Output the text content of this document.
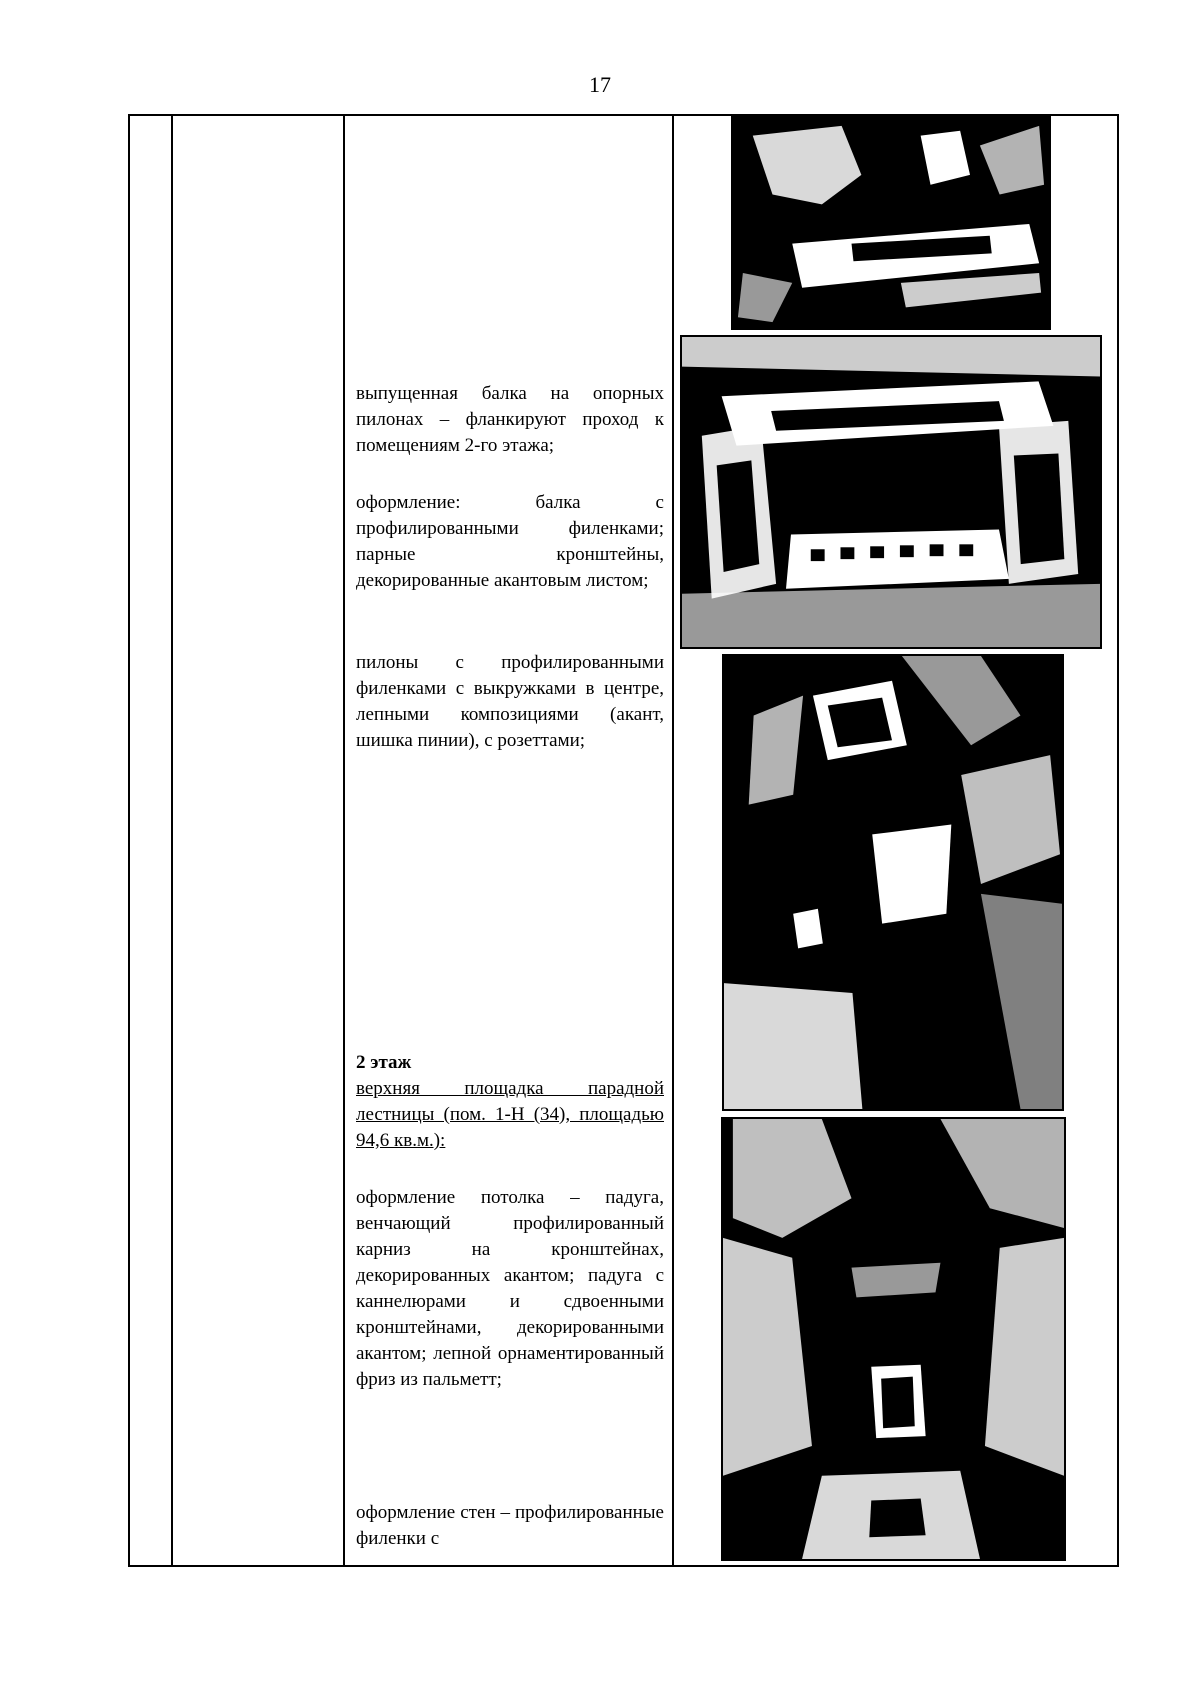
17
выпущенная балка на опорных пилонах – фланкируют проход к помещениям 2-го этажа;
оформление: балка с профилированными филенками; парные кронштейны, декорированные акантовым листом;
пилоны с профилированными филенками с выкружками в центре, лепными композициями (акант, шишка пинии), с розеттами;
2 этаж
верхняя площадка парадной лестницы (пом. 1-Н (34), площадью 94,6 кв.м.):
оформление потолка – падуга, венчающий профилированный карниз на кронштейнах, декорированных акантом; падуга с каннелюрами и сдвоенными кронштейнами, декорированными акантом; лепной орнаментированный фриз из пальметт;
оформление стен – профилированные филенки с
